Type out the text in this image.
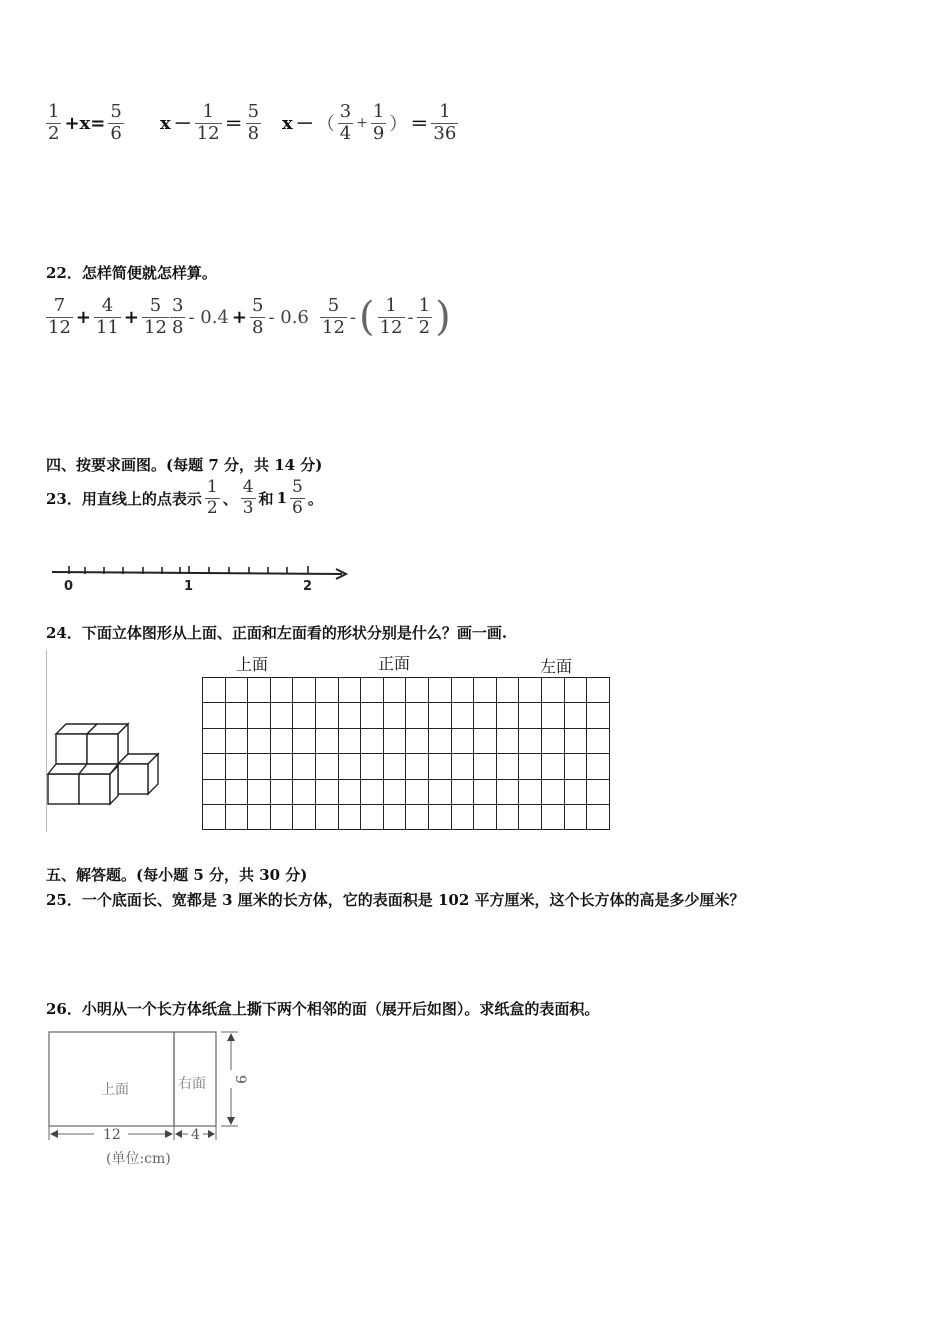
$\frac{1}{2} +x= \frac{5}{6}$ $x - \frac{1}{12} = \frac{5}{8}$ x － （ $\frac{3}{4} + \frac{1}{9}$ ） ＝ $\frac{1}{36}$
22．怎样简便就怎样算。
$\frac{7}{12} + \frac{4}{11} + \frac{5}{12} \frac{3}{8} - 0.4 + \frac{5}{8} - 0.6 \frac{5}{12}$ - ( $\frac{1}{12} - \frac{1}{2}$ )
四、按要求画图。(每题 7 分，共 14 分)
23．用直线上的点表示 $\frac{1}{2}$ 、 $\frac{4}{3}$ 和 $1 \frac{5}{6}$ 。
0	1	2
24．下面立体图形从上面、正面和左面看的形状分别是什么？画一画.
上面	正面	左面

五、解答题。(每小题 5 分，共 30 分)
25．一个底面长、宽都是 3 厘米的长方体，它的表面积是 102 平方厘米，这个长方体的高是多少厘米？
26．小明从一个长方体纸盒上撕下两个相邻的面（展开后如图）。求纸盒的表面积。
上面	右面 9
12	4
(单位:cm)
